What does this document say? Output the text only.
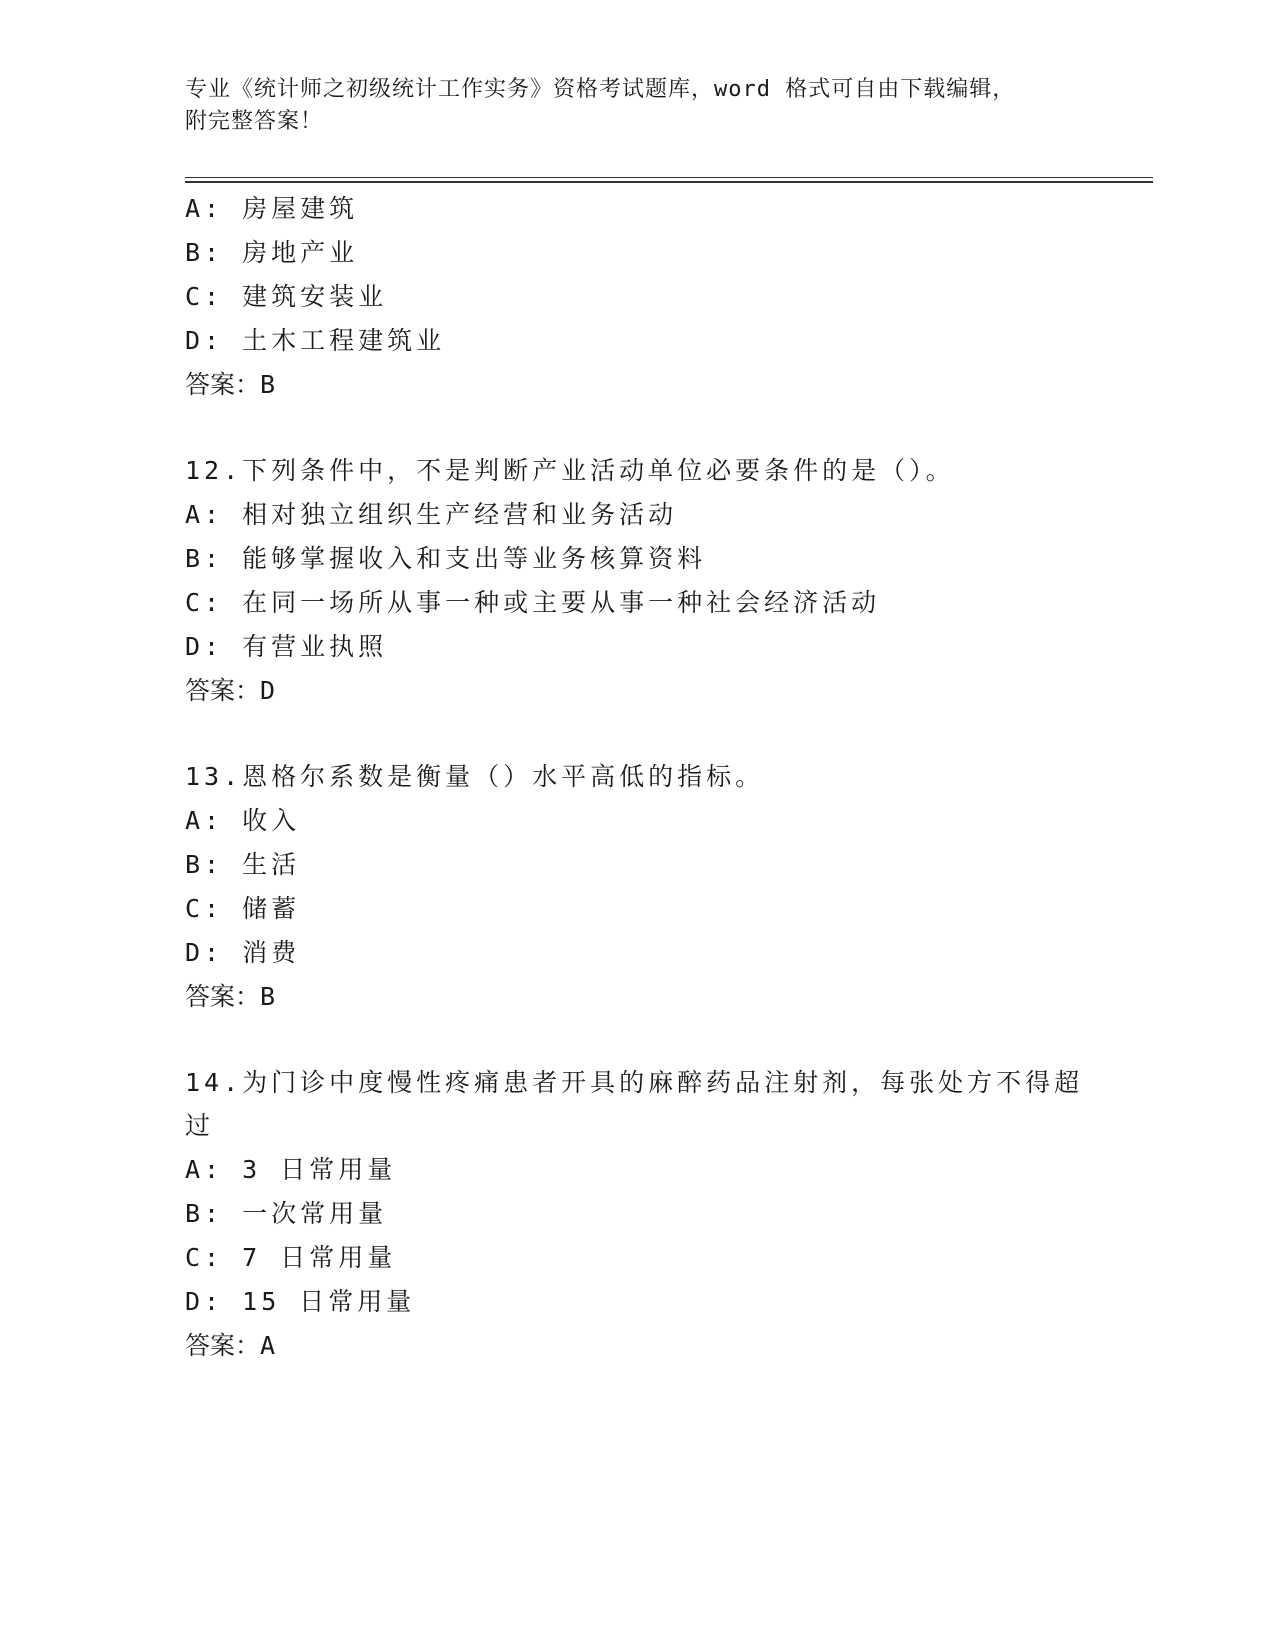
专业《统计师之初级统计工作实务》资格考试题库，word 格式可自由下载编辑，
附完整答案！
A: 房屋建筑
B: 房地产业
C: 建筑安装业
D: 土木工程建筑业
答案：B
12.下列条件中，不是判断产业活动单位必要条件的是（）。
A: 相对独立组织生产经营和业务活动
B: 能够掌握收入和支出等业务核算资料
C: 在同一场所从事一种或主要从事一种社会经济活动
D: 有营业执照
答案：D
13.恩格尔系数是衡量（）水平高低的指标。
A: 收入
B: 生活
C: 储蓄
D: 消费
答案：B
14.为门诊中度慢性疼痛患者开具的麻醉药品注射剂，每张处方不得超
过
A: 3 日常用量
B: 一次常用量
C: 7 日常用量
D: 15 日常用量
答案：A
